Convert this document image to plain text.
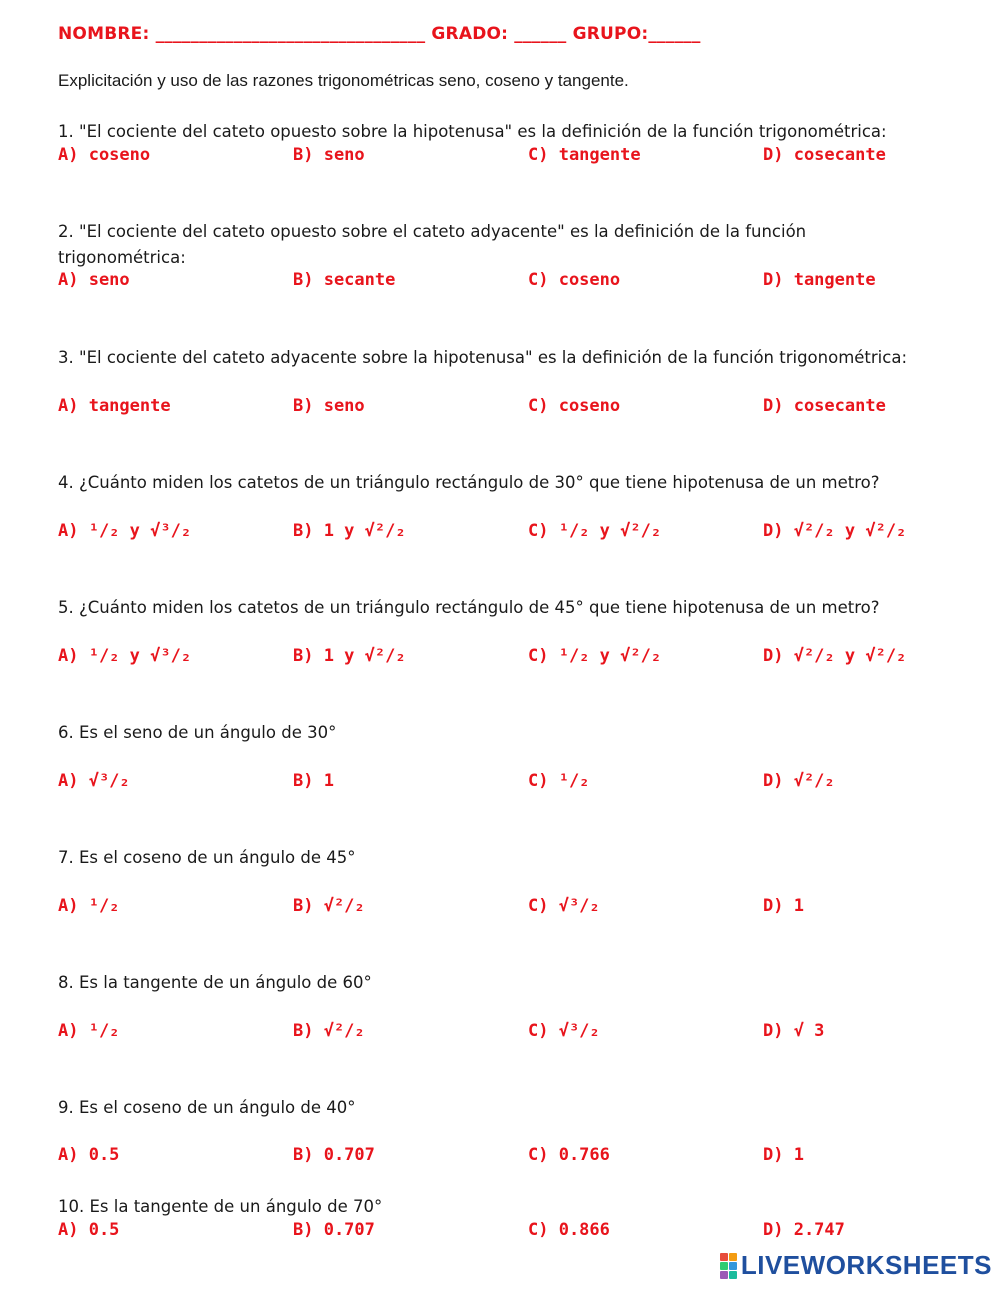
NOMBRE: _______________________________ GRADO: ______ GRUPO:______
Explicitación y uso de las razones trigonométricas seno, coseno y tangente.
1. "El cociente del cateto opuesto sobre la hipotenusa" es la definición de la función trigonométrica:
A) coseno	B) seno	C) tangente	D) cosecante
2. "El cociente del cateto opuesto sobre el cateto adyacente" es la definición de la función trigonométrica:
A) seno	B) secante	C) coseno	D) tangente
3. "El cociente del cateto adyacente sobre la hipotenusa" es la definición de la función trigonométrica:
A) tangente	B) seno	C) coseno	D) cosecante
4. ¿Cuánto miden los catetos de un triángulo rectángulo de 30° que tiene hipotenusa de un metro?
A) ¹/₂ y √³/₂	B) 1 y √²/₂	C) ¹/₂ y √²/₂	D) √²/₂ y √²/₂
5. ¿Cuánto miden los catetos de un triángulo rectángulo de 45° que tiene hipotenusa de un metro?
A) ¹/₂ y √³/₂	B) 1 y √²/₂	C) ¹/₂ y √²/₂	D) √²/₂ y √²/₂
6. Es el seno de un ángulo de 30°
A) √³/₂	B) 1	C) ¹/₂	D) √²/₂
7. Es el coseno de un ángulo de 45°
A) ¹/₂	B) √²/₂	C) √³/₂	D) 1
8. Es la tangente de un ángulo de 60°
A) ¹/₂	B) √²/₂	C) √³/₂	D) √ 3
9. Es el coseno de un ángulo de 40°
A) 0.5	B) 0.707	C) 0.766	D) 1
10. Es la tangente de un ángulo de 70°
A) 0.5	B) 0.707	C) 0.866	D) 2.747
LIVEWORKSHEETS
